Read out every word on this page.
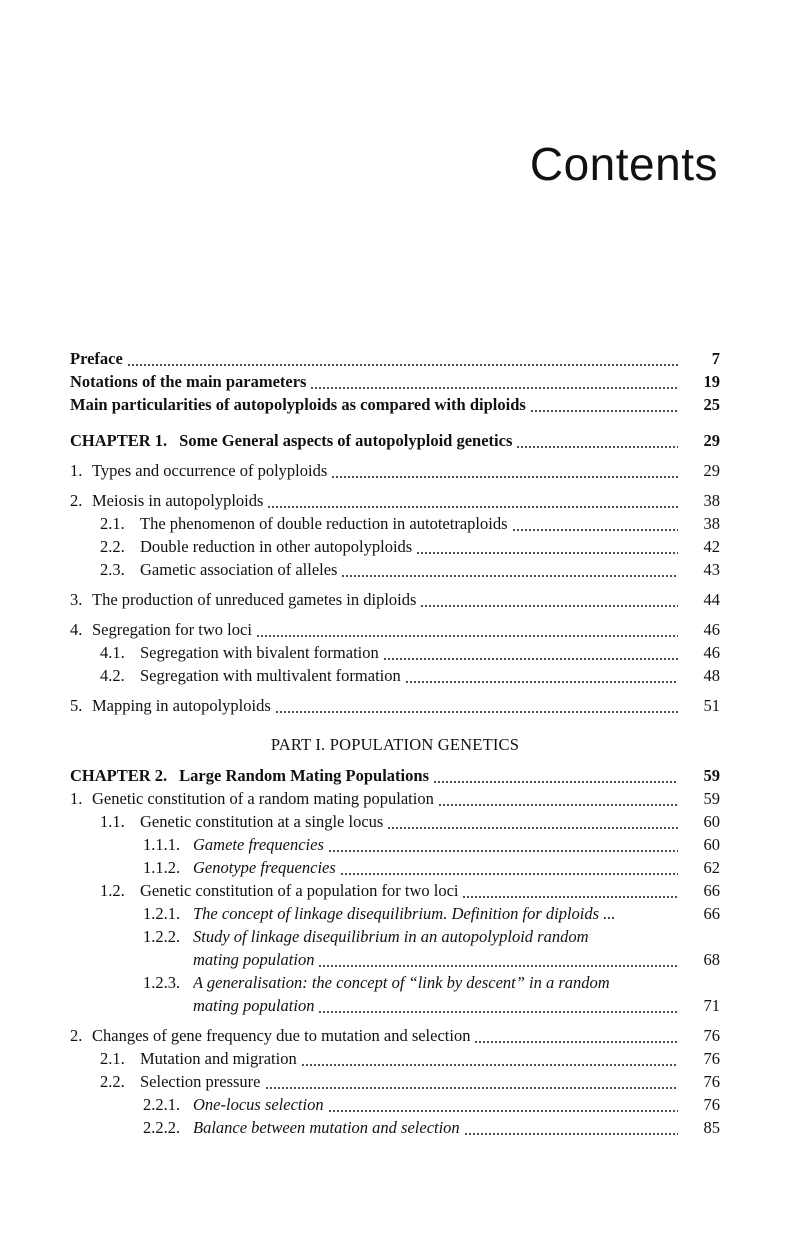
Contents
Preface	7
Notations of the main parameters	19
Main particularities of autopolyploids as compared with diploids	25
CHAPTER 1. Some General aspects of autopolyploid genetics	29
1. Types and occurrence of polyploids	29
2. Meiosis in autopolyploids	38
2.1. The phenomenon of double reduction in autotetraploids	38
2.2. Double reduction in other autopolyploids	42
2.3. Gametic association of alleles	43
3. The production of unreduced gametes in diploids	44
4. Segregation for two loci	46
4.1. Segregation with bivalent formation	46
4.2. Segregation with multivalent formation	48
5. Mapping in autopolyploids	51
PART I. POPULATION GENETICS
CHAPTER 2. Large Random Mating Populations	59
1. Genetic constitution of a random mating population	59
1.1. Genetic constitution at a single locus	60
1.1.1. Gamete frequencies	60
1.1.2. Genotype frequencies	62
1.2. Genetic constitution of a population for two loci	66
1.2.1. The concept of linkage disequilibrium. Definition for diploids ...	66
1.2.2. Study of linkage disequilibrium in an autopolyploid random
mating population	68
1.2.3. A generalisation: the concept of “link by descent” in a random
mating population	71
2. Changes of gene frequency due to mutation and selection	76
2.1. Mutation and migration	76
2.2. Selection pressure	76
2.2.1. One-locus selection	76
2.2.2. Balance between mutation and selection	85
